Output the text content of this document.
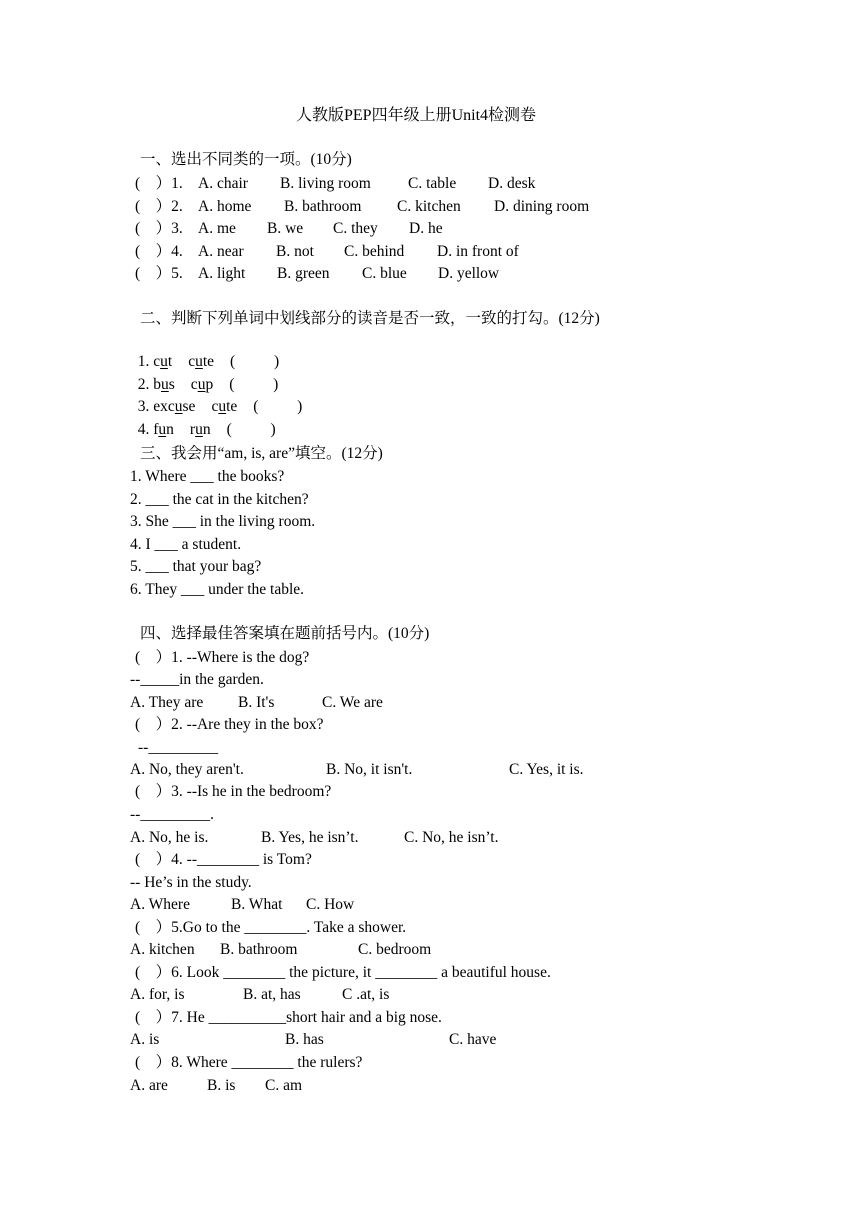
人教版PEP四年级上册Unit4检测卷
一、选出不同类的一项。(10分)
(    ）1. A. chair B. living room C. table D. desk
(    ）2. A. home B. bathroom C. kitchen D. dining room
(    ）3. A. me B. we C. they D. he
(    ）4. A. near B. not C. behind D. in front of
(    ）5. A. light B. green C. blue D. yellow
二、判断下列单词中划线部分的读音是否一致，一致的打勾。(12分)

1. cut cute (          )

2. bus cup (          )

3. excuse cute (          )

4. fun run (          )

三、我会用“am, is, are”填空。(12分)
1. Where ___ the books?
2. ___ the cat in the kitchen?
3. She ___ in the living room.
4. I ___ a student.
5. ___ that your bag?
6. They ___ under the table.
四、选择最佳答案填在题前括号内。(10分)
(    ）1. --Where is the dog?
--_____in the garden.
A. They are B. It's	C. We are
(    ）2. --Are they in the box?
--_________
A. No, they aren't.	B. No, it isn't.	C. Yes, it is.
(    ）3. --Is he in the bedroom?
--_________.
A. No, he is.	B. Yes, he isn’t.	C. No, he isn’t.
(    ）4. --________ is Tom?
-- He’s in the study.
A. Where	B. What C. How
(    ）5.Go to the ________. Take a shower.
A. kitchen B. bathroom	C. bedroom
(    ）6. Look ________ the picture, it ________ a beautiful house.
A. for, is	B. at, has	C .at, is
(    ）7. He __________short hair and a big nose.
A. is	B. has	C. have
(    ）8. Where ________ the rulers?
A. are	B. is C. am
